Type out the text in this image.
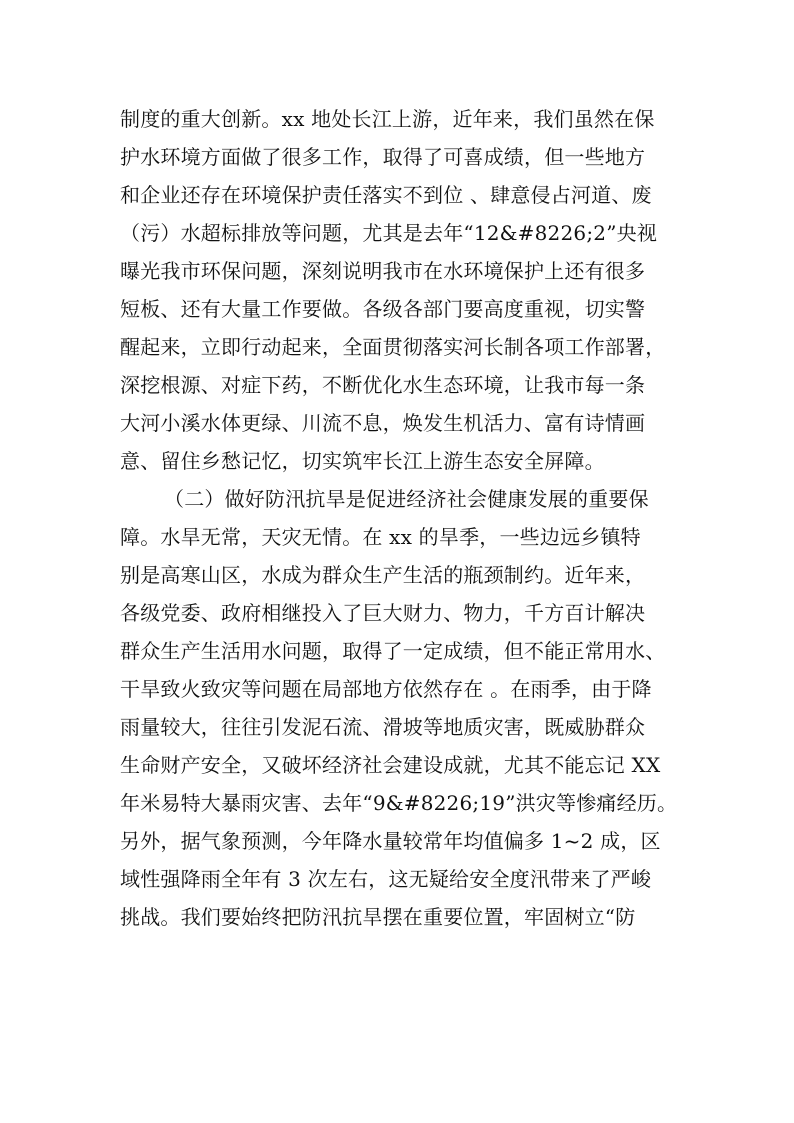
制度的重大创新。xx 地处长江上游，近年来，我们虽然在保
护水环境方面做了很多工作，取得了可喜成绩，但一些地方
和企业还存在环境保护责任落实不到位 、肆意侵占河道、废
（污）水超标排放等问题，尤其是去年“12&#8226;2”央视
曝光我市环保问题，深刻说明我市在水环境保护上还有很多
短板、还有大量工作要做。各级各部门要高度重视，切实警
醒起来，立即行动起来，全面贯彻落实河长制各项工作部署，
深挖根源、对症下药，不断优化水生态环境，让我市每一条
大河小溪水体更绿、川流不息，焕发生机活力、富有诗情画
意、留住乡愁记忆，切实筑牢长江上游生态安全屏障。
（二）做好防汛抗旱是促进经济社会健康发展的重要保
障。水旱无常，天灾无情。在 xx 的旱季，一些边远乡镇特
别是高寒山区，水成为群众生产生活的瓶颈制约。近年来，
各级党委、政府相继投入了巨大财力、物力，千方百计解决
群众生产生活用水问题，取得了一定成绩，但不能正常用水、
干旱致火致灾等问题在局部地方依然存在 。在雨季，由于降
雨量较大，往往引发泥石流、滑坡等地质灾害，既威胁群众
生命财产安全，又破坏经济社会建设成就，尤其不能忘记 XX
年米易特大暴雨灾害、去年“9&#8226;19”洪灾等惨痛经历。
另外，据气象预测，今年降水量较常年均值偏多 1~2 成，区
域性强降雨全年有 3 次左右，这无疑给安全度汛带来了严峻
挑战。我们要始终把防汛抗旱摆在重要位置，牢固树立“防
